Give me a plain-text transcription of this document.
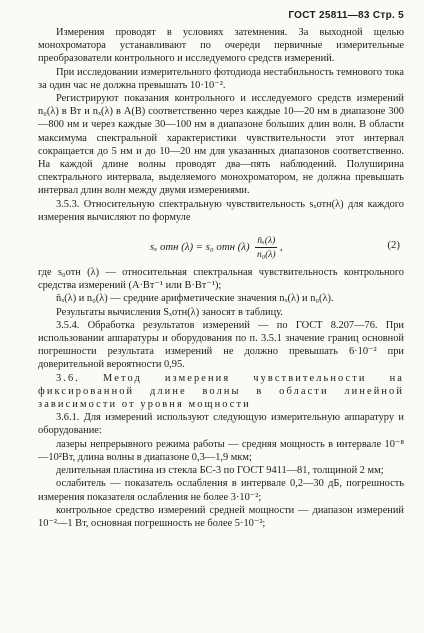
ГОСТ 25811—83 Стр. 5

Измерения проводят в условиях затемнения. За выходной щелью монохроматора устанавливают по очереди первичные измерительные преобразователи контрольного и исследуемого средств измерений.

При исследовании измерительного фотодиода нестабильность темнового тока за один час не должна превышать 10·10⁻².

Регистрируют показания контрольного и исследуемого средств измерений n₀(λ) в Вт и nₓ(λ) в A(B) соответственно через каждые 10—20 нм в диапазоне 300—800 нм и через каждые 30—100 нм в диапазоне больших длин волн. В области максимума спектральной характеристики чувствительности этот интервал сокращается до 5 нм и до 10—20 нм для указанных диапазонов соответственно. На каждой длине волны проводят два—пять наблюдений. Полуширина спектрального интервала, выделяемого монохроматором, не должна превышать интервал длин волн между двумя измерениями.

3.5.3. Относительную спектральную чувствительность sₓотн(λ) для каждого измерения вычисляют по формуле

sₓ отн (λ) = s₀ отн $(\lambda) \frac{\text{n̄ₓ(λ)}}{\text{n₀(λ)}}$ ,	(2)

где s₀отн (λ) — относительная спектральная чувствительность контрольного средства измерений (А·Вт⁻¹ или В·Вт⁻¹);

n̄ₓ(λ) и n₀(λ) — средние арифметические значения nₓ(λ) и n₀(λ).

Результаты вычисления Sₓотн(λ) заносят в таблицу.

3.5.4. Обработка результатов измерений — по ГОСТ 8.207—76. При использовании аппаратуры и оборудования по п. 3.5.1 значение границ основной погрешности результата измерений не должно превышать 6·10⁻² при доверительной вероятности 0,95.

3.6. Метод измерения чувствительности на фиксированной длине волны в области линейной зависимости от уровня мощности

3.6.1. Для измерений используют следующую измерительную аппаратуру и оборудование:

лазеры непрерывного режима работы — средняя мощность в интервале 10⁻⁸—10²Вт, длина волны в диапазоне 0,3—1,9 мкм;

делительная пластина из стекла БС-3 по ГОСТ 9411—81, толщиной 2 мм;

ослабитель — показатель ослабления в интервале 0,2—30 дБ, погрешность измерения показателя ослабления не более 3·10⁻²;

контрольное средство измерений средней мощности — диапазон измерений 10⁻²—1 Вт, основная погрешность не более 5·10⁻²;
